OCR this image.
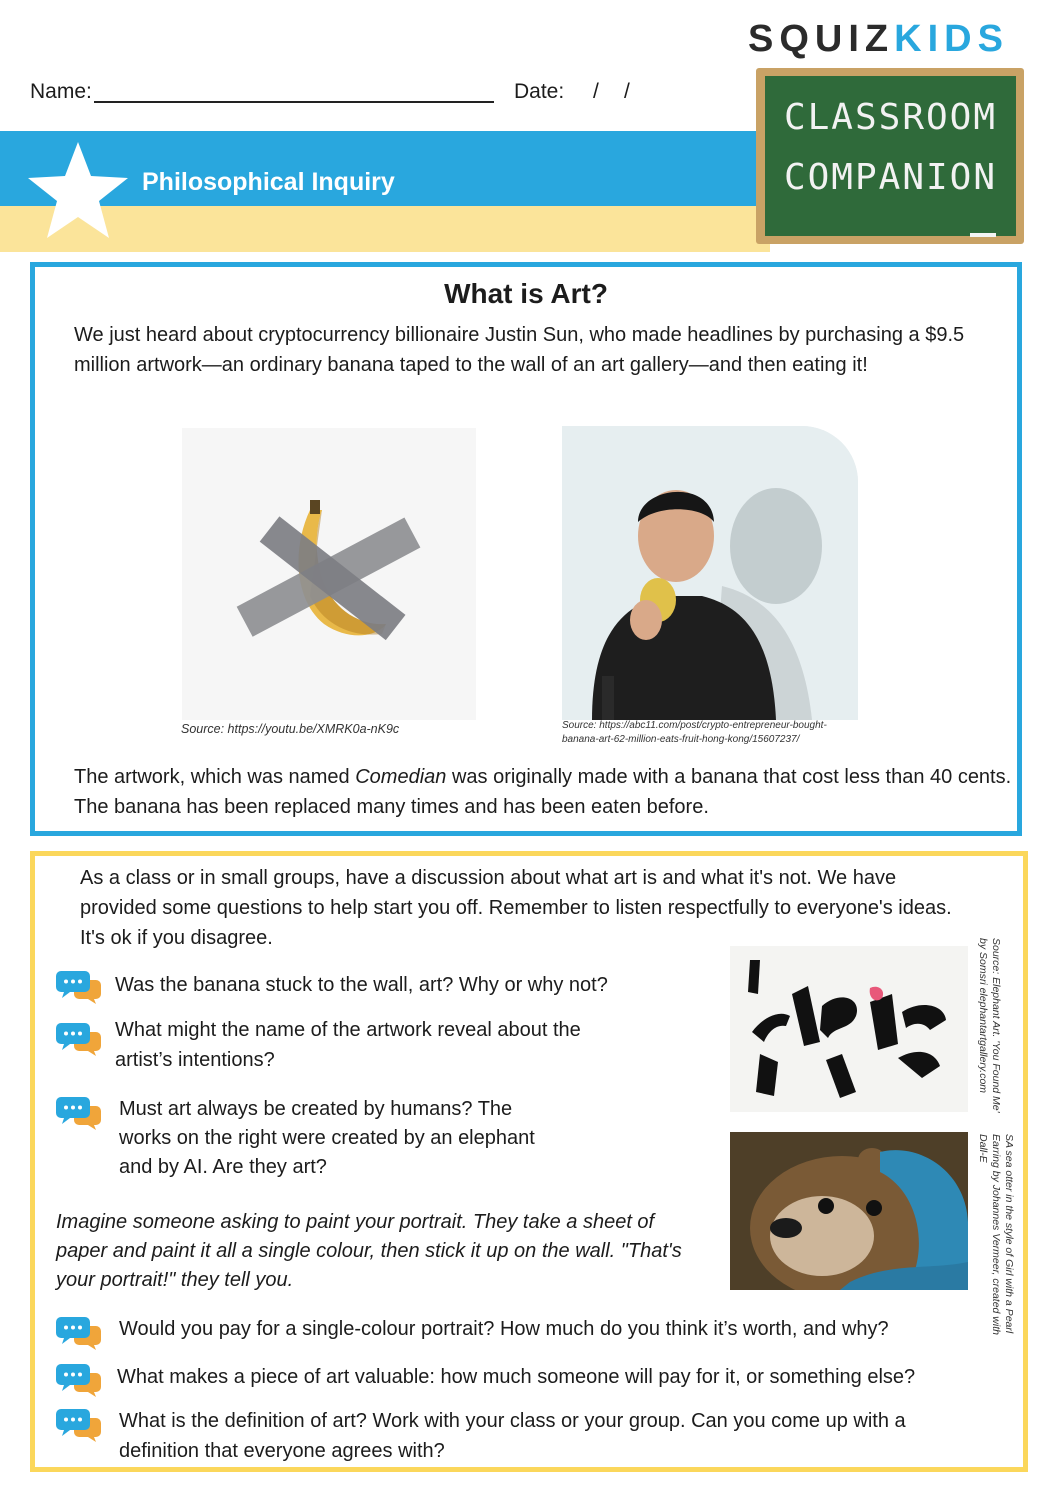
SQUIZKIDS
Name:	Date: / /
Philosophical Inquiry
CLASSROOM
COMPANION
What is Art?
We just heard about cryptocurrency billionaire Justin Sun, who made headlines by purchasing a $9.5 million artwork—an ordinary banana taped to the wall of an art gallery—and then eating it!
Source: https://youtu.be/XMRK0a-nK9c	Source: https://abc11.com/post/crypto-entrepreneur-bought-banana-art-62-million-eats-fruit-hong-kong/15607237/
The artwork, which was named Comedian was originally made with a banana that cost less than 40 cents. The banana has been replaced many times and has been eaten before.
As a class or in small groups, have a discussion about what art is and what it's not. We have provided some questions to help start you off. Remember to listen respectfully to everyone's ideas. It's ok if you disagree.
Was the banana stuck to the wall, art? Why or why not?
What might the name of the artwork reveal about the artist’s intentions?
Must art always be created by humans? The works on the right were created by an elephant and by AI. Are they art?
Imagine someone asking to paint your portrait. They take a sheet of paper and paint it all a single colour, then stick it up on the wall. "That's your portrait!" they tell you.
Source: Elephant Art. 'You Found Me' by Somsri elephantartgallery.com
SA sea otter in the style of Girl with a Pearl Earring by Johannes Vermeer, created with Dall-E
Would you pay for a single-colour portrait? How much do you think it’s worth, and why?
What makes a piece of art valuable: how much someone will pay for it, or something else?
What is the definition of art? Work with your class or your group. Can you come up with a definition that everyone agrees with?
